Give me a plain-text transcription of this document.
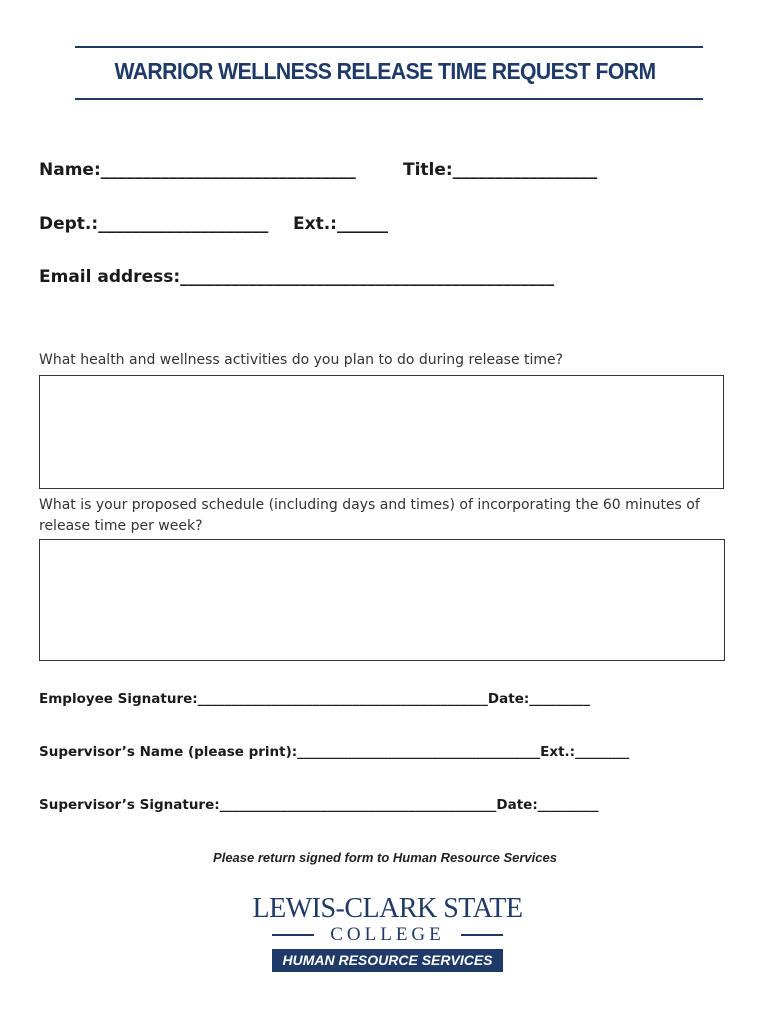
WARRIOR WELLNESS RELEASE TIME REQUEST FORM
Name:______________________________	Title:_________________
Dept.:____________________ Ext.:______
Email address:____________________________________________
What health and wellness activities do you plan to do during release time?
What is your proposed schedule (including days and times) of incorporating the 60 minutes of release time per week?
Employee Signature:___________________________________________Date:_________
Supervisor’s Name (please print):____________________________________Ext.:________
Supervisor’s Signature:_________________________________________Date:_________
Please return signed form to Human Resource Services
LEWIS-CLARK STATE
COLLEGE
HUMAN RESOURCE SERVICES
